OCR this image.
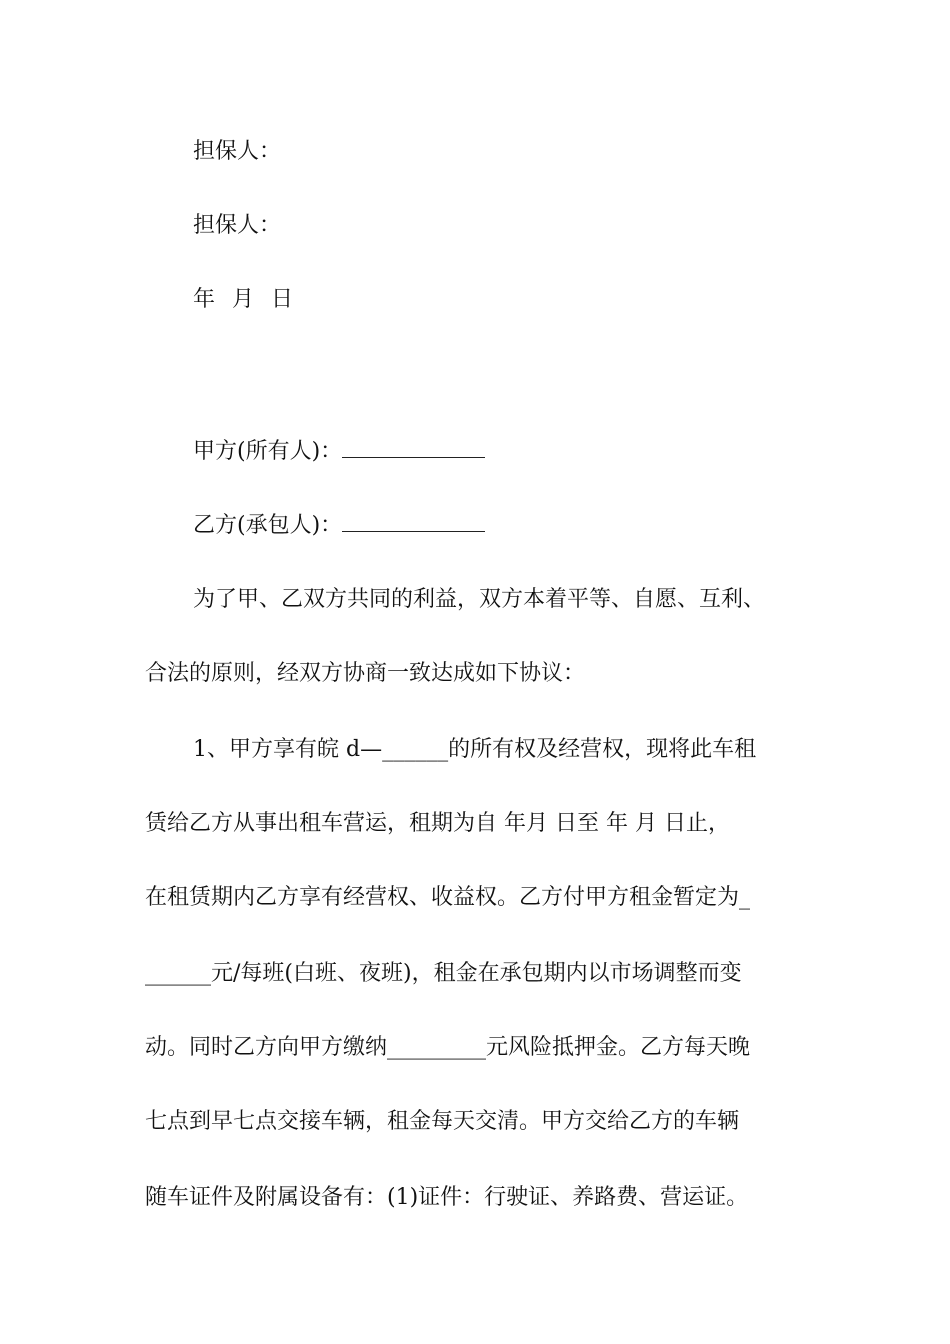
担保人：

担保人：

年 月 日

甲方(所有人)：

乙方(承包人)：

为了甲、乙双方共同的利益，双方本着平等、自愿、互利、

合法的原则，经双方协商一致达成如下协议：

1、甲方享有皖 d—______的所有权及经营权，现将此车租

赁给乙方从事出租车营运，租期为自 年月 日至 年 月 日止，

在租赁期内乙方享有经营权、收益权。乙方付甲方租金暂定为_

______元/每班(白班、夜班)，租金在承包期内以市场调整而变

动。同时乙方向甲方缴纳_________元风险抵押金。乙方每天晚

七点到早七点交接车辆，租金每天交清。甲方交给乙方的车辆

随车证件及附属设备有：(1)证件：行驶证、养路费、营运证。
